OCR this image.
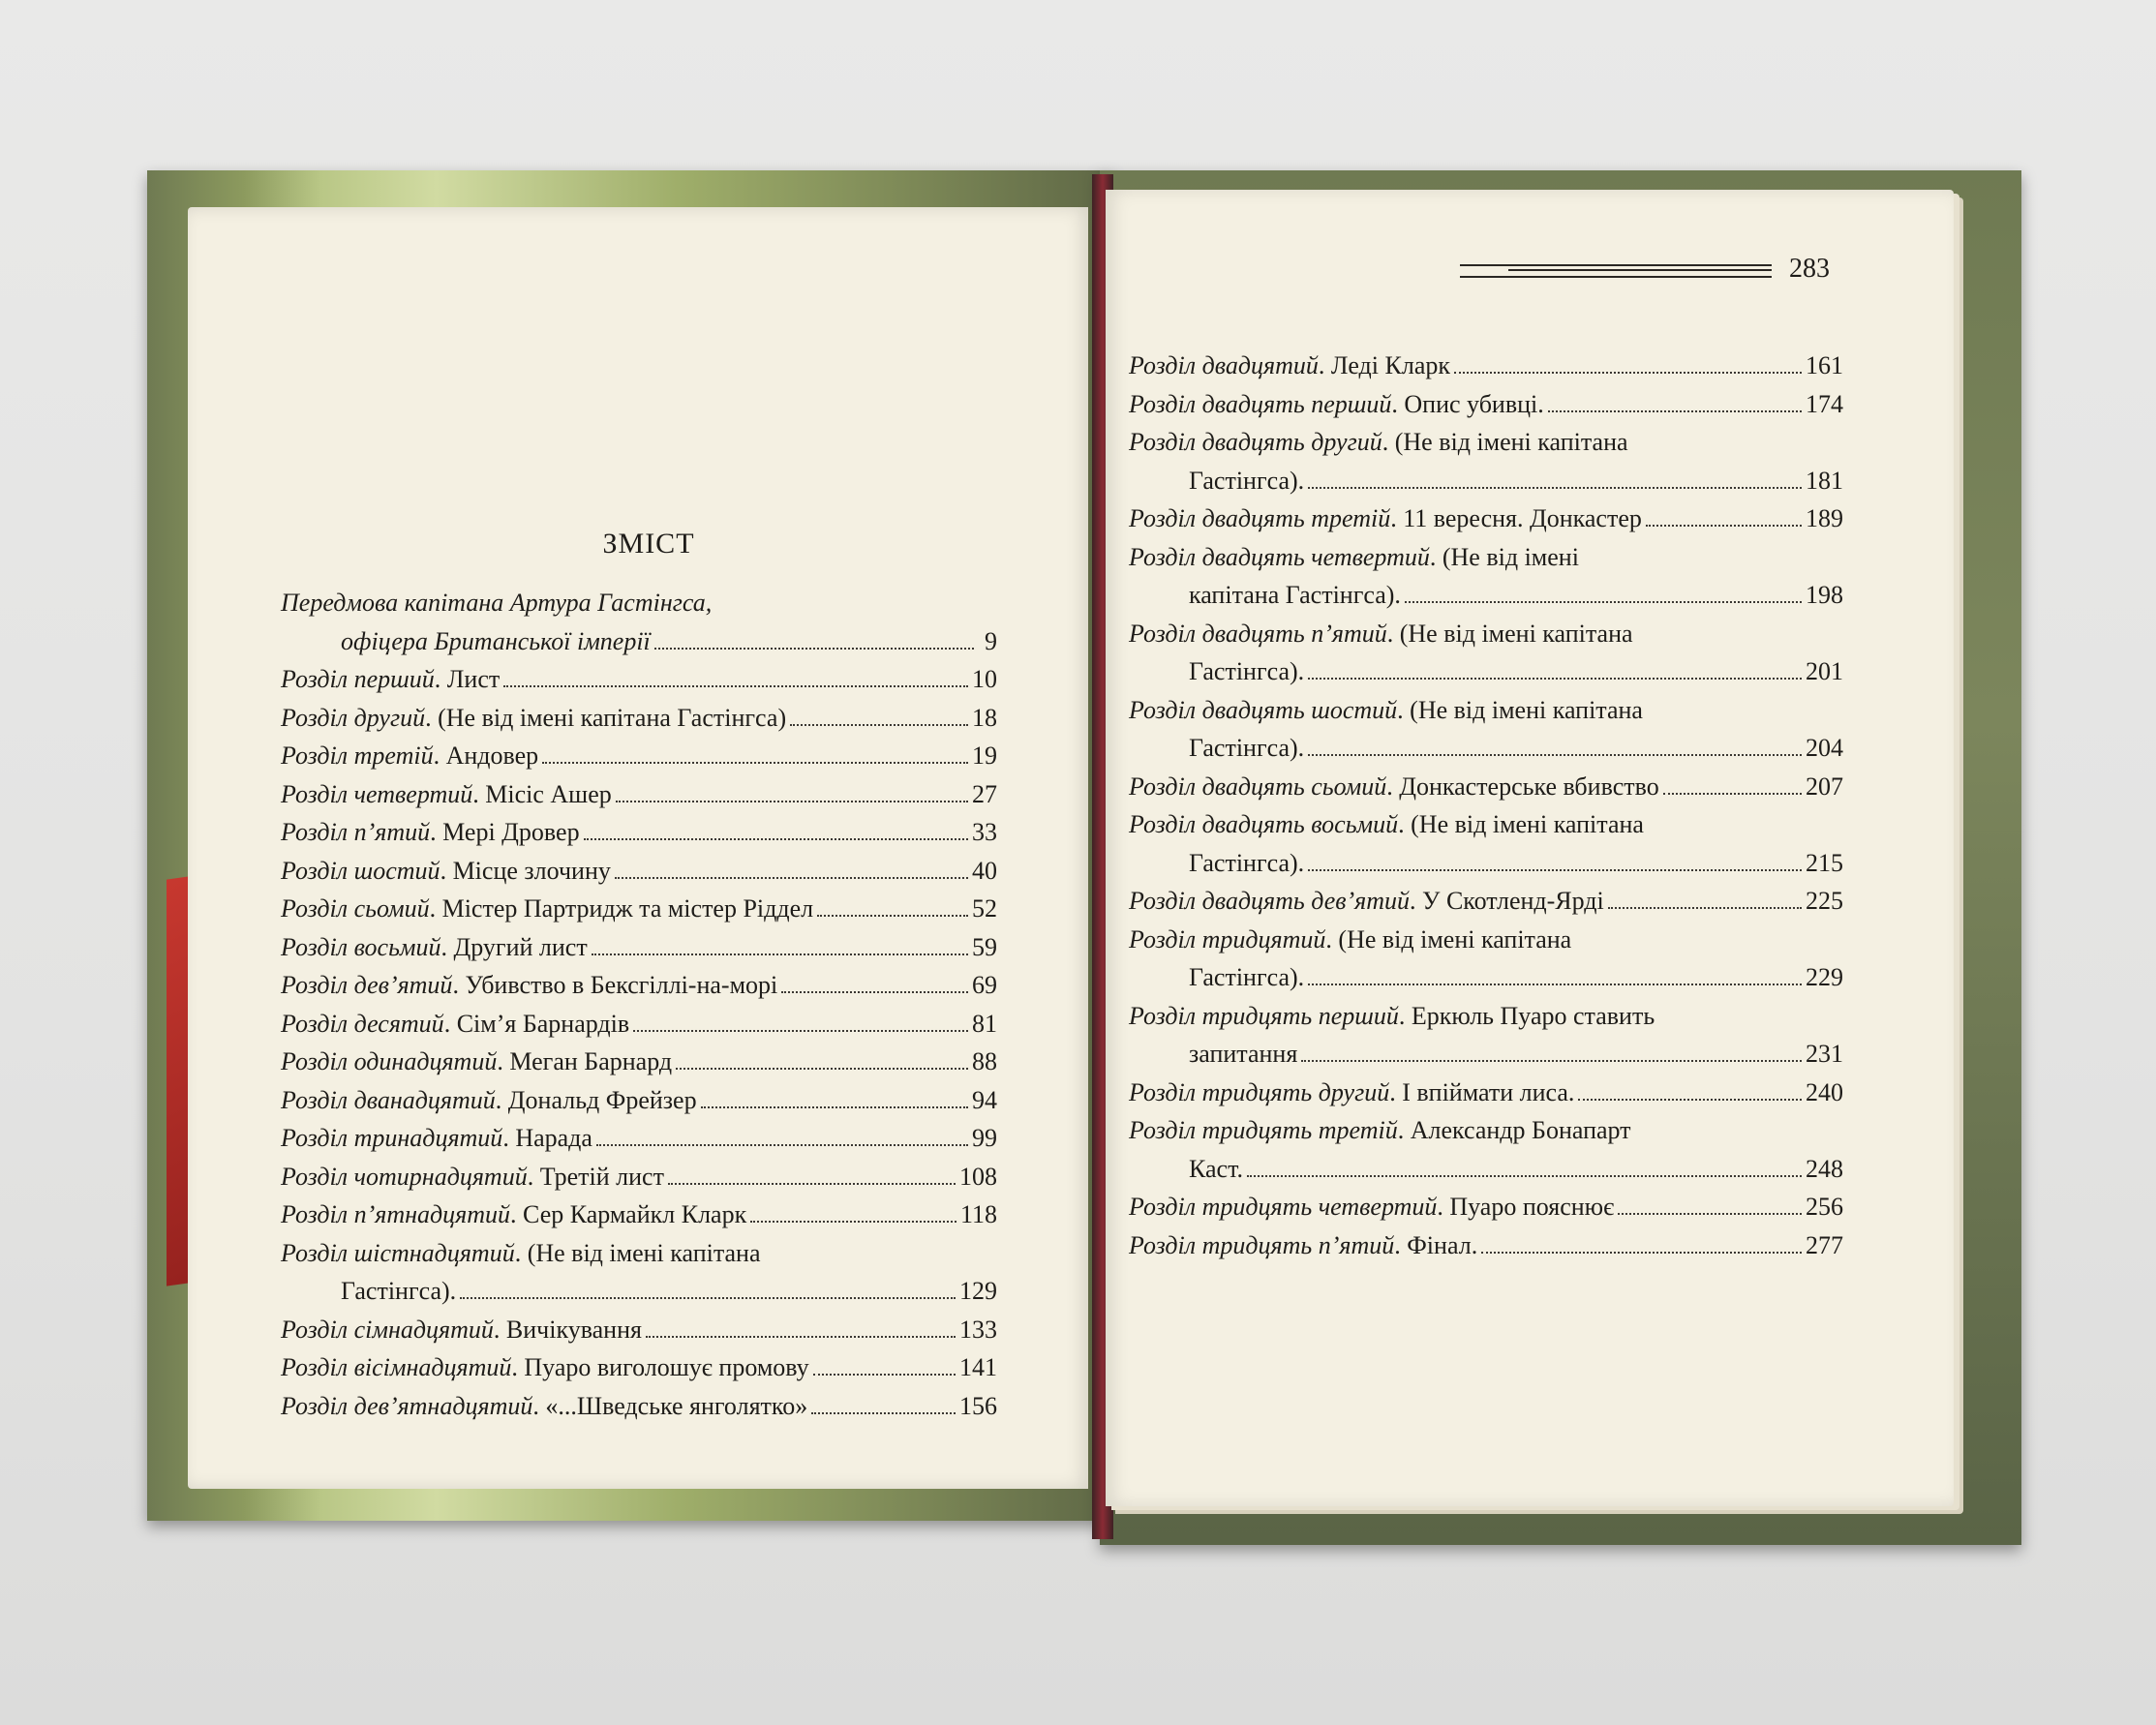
283
ЗМІСТ
Передмова капітана Артура Гастінгса,
офіцера Британської імперії	9
Розділ перший. Лист	10
Розділ другий. (Не від імені капітана Гастінгса)	18
Розділ третій. Андовер	19
Розділ четвертий. Місіс Ашер	27
Розділ п’ятий. Мері Дровер	33
Розділ шостий. Місце злочину	40
Розділ сьомий. Містер Партридж та містер Ріддел	52
Розділ восьмий. Другий лист	59
Розділ дев’ятий. Убивство в Бексгіллі-на-морі	69
Розділ десятий. Сім’я Барнардів	81
Розділ одинадцятий. Меган Барнард	88
Розділ дванадцятий. Дональд Фрейзер	94
Розділ тринадцятий. Нарада	99
Розділ чотирнадцятий. Третій лист	108
Розділ п’ятнадцятий. Сер Кармайкл Кларк	118
Розділ шістнадцятий. (Не від імені капітана
Гастінгса).	129
Розділ сімнадцятий. Вичікування	133
Розділ вісімнадцятий. Пуаро виголошує промову	141
Розділ дев’ятнадцятий. «...Шведське янголятко»	156
Розділ двадцятий. Леді Кларк	161
Розділ двадцять перший. Опис убивці.	174
Розділ двадцять другий. (Не від імені капітана
Гастінгса).	181
Розділ двадцять третій. 11 вересня. Донкастер	189
Розділ двадцять четвертий. (Не від імені
капітана Гастінгса).	198
Розділ двадцять п’ятий. (Не від імені капітана
Гастінгса).	201
Розділ двадцять шостий. (Не від імені капітана
Гастінгса).	204
Розділ двадцять сьомий. Донкастерське вбивство	207
Розділ двадцять восьмий. (Не від імені капітана
Гастінгса).	215
Розділ двадцять дев’ятий. У Скотленд-Ярді	225
Розділ тридцятий. (Не від імені капітана
Гастінгса).	229
Розділ тридцять перший. Еркюль Пуаро ставить
запитання	231
Розділ тридцять другий. І впіймати лиса.	240
Розділ тридцять третій. Александр Бонапарт
Каст.	248
Розділ тридцять четвертий. Пуаро пояснює	256
Розділ тридцять п’ятий. Фінал.	277
